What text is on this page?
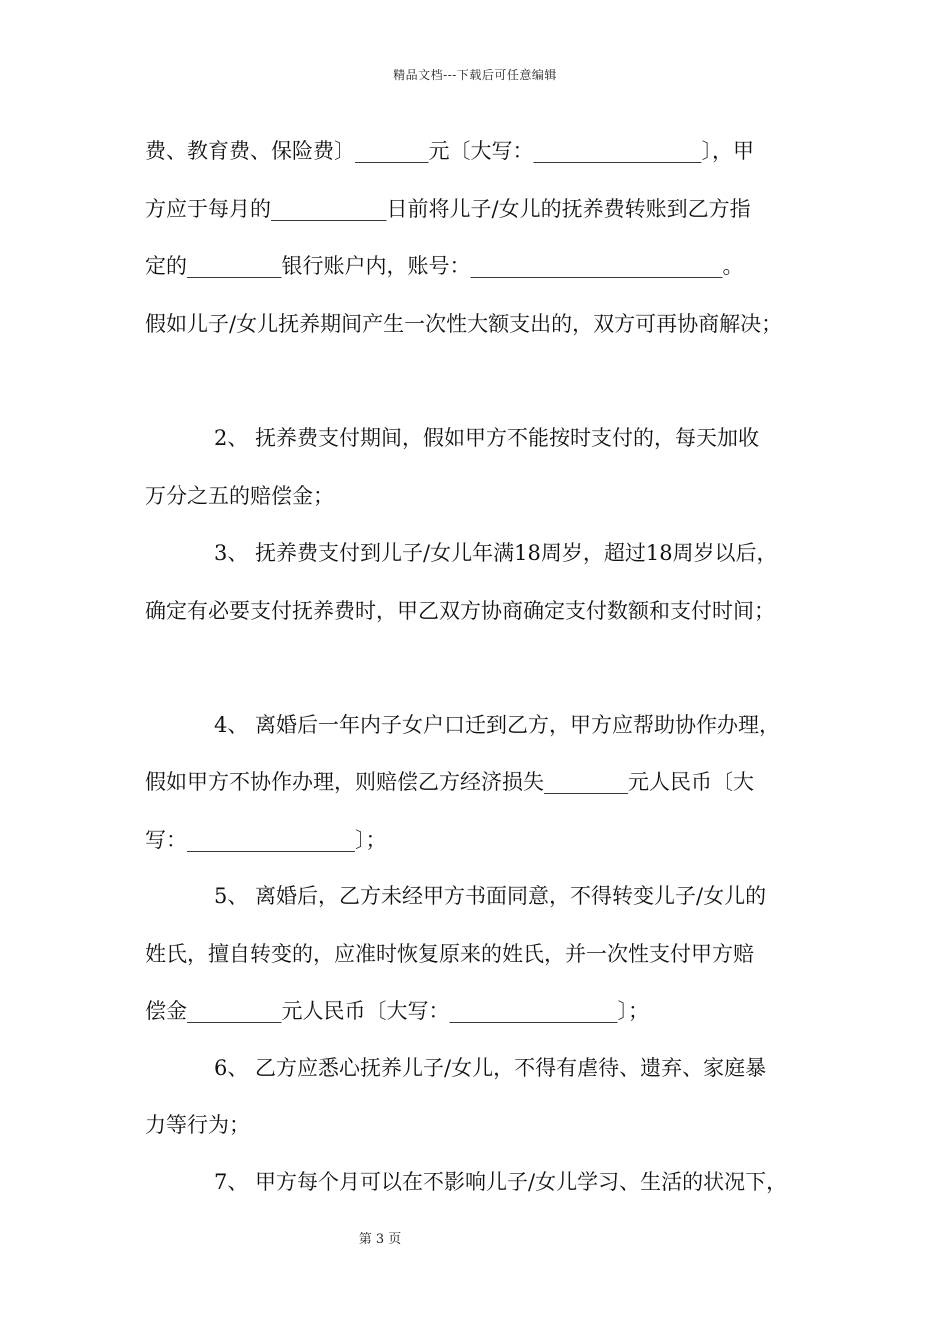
精品文档---下载后可任意编辑
费、教育费、保险费〕_______元〔大写：________________〕，甲
方应于每月的___________日前将儿子/女儿的抚养费转账到乙方指
定的_________银行账户内，账号：________________________。
假如儿子/女儿抚养期间产生一次性大额支出的，双方可再协商解决；
2、 抚养费支付期间，假如甲方不能按时支付的，每天加收
万分之五的赔偿金；
3、 抚养费支付到儿子/女儿年满18周岁，超过18周岁以后，
确定有必要支付抚养费时，甲乙双方协商确定支付数额和支付时间；
4、 离婚后一年内子女户口迁到乙方，甲方应帮助协作办理，
假如甲方不协作办理，则赔偿乙方经济损失________元人民币〔大
写：________________〕；
5、 离婚后，乙方未经甲方书面同意，不得转变儿子/女儿的
姓氏，擅自转变的，应准时恢复原来的姓氏，并一次性支付甲方赔
偿金_________元人民币〔大写：________________〕；
6、 乙方应悉心抚养儿子/女儿，不得有虐待、遗弃、家庭暴
力等行为；
7、 甲方每个月可以在不影响儿子/女儿学习、生活的状况下，
第 3 页
